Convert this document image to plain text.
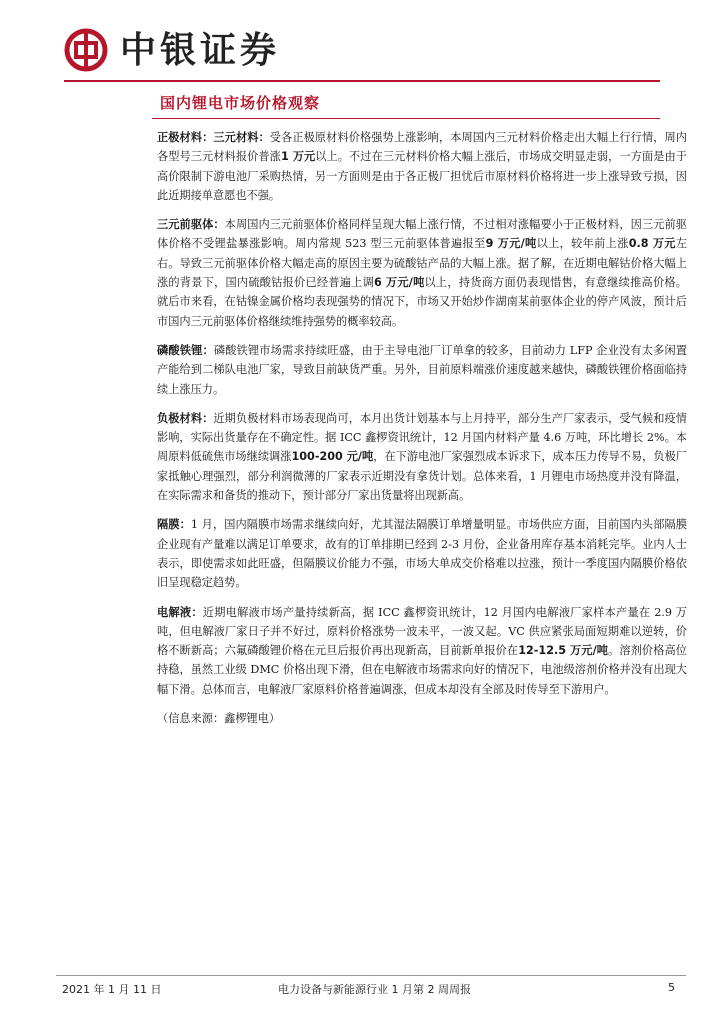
中银证券
国内锂电市场价格观察

正极材料：三元材料：受各正极原材料价格强势上涨影响，本周国内三元材料价格走出大幅上行行情，周内各型号三元材料报价普涨1 万元以上。不过在三元材料价格大幅上涨后，市场成交明显走弱，一方面是由于高价限制下游电池厂采购热情，另一方面则是由于各正极厂担忧后市原材料价格将进一步上涨导致亏损，因此近期接单意愿也不强。

三元前驱体：本周国内三元前驱体价格同样呈现大幅上涨行情，不过相对涨幅要小于正极材料，因三元前驱体价格不受锂盐暴涨影响。周内常规 523 型三元前驱体普遍报至9 万元/吨以上，较年前上涨0.8 万元左右。导致三元前驱体价格大幅走高的原因主要为硫酸钴产品的大幅上涨。据了解，在近期电解钴价格大幅上涨的背景下，国内硫酸钴报价已经普遍上调6 万元/吨以上，持货商方面仍表现惜售，有意继续推高价格。就后市来看，在钴镍金属价格均表现强势的情况下，市场又开始炒作湖南某前驱体企业的停产风波，预计后市国内三元前驱体价格继续维持强势的概率较高。

磷酸铁锂：磷酸铁锂市场需求持续旺盛，由于主导电池厂订单拿的较多，目前动力 LFP 企业没有太多闲置产能给到二梯队电池厂家，导致目前缺货严重。另外，目前原料端涨价速度越来越快，磷酸铁锂价格面临持续上涨压力。

负极材料：近期负极材料市场表现尚可，本月出货计划基本与上月持平，部分生产厂家表示，受气候和疫情影响，实际出货量存在不确定性。据 ICC 鑫椤资讯统计，12 月国内材料产量 4.6 万吨，环比增长 2%。本周原料低硫焦市场继续调涨100-200 元/吨，在下游电池厂家强烈成本诉求下，成本压力传导不易，负极厂家抵触心理强烈，部分利润微薄的厂家表示近期没有拿货计划。总体来看，1 月锂电市场热度并没有降温，在实际需求和备货的推动下，预计部分厂家出货量将出现新高。

隔膜：1 月，国内隔膜市场需求继续向好，尤其湿法隔膜订单增量明显。市场供应方面，目前国内头部隔膜企业现有产量难以满足订单要求，故有的订单排期已经到 2-3 月份，企业备用库存基本消耗完毕。业内人士表示，即使需求如此旺盛，但隔膜议价能力不强，市场大单成交价格难以拉涨，预计一季度国内隔膜价格依旧呈现稳定趋势。

电解液：近期电解液市场产量持续新高，据 ICC 鑫椤资讯统计，12 月国内电解液厂家样本产量在 2.9 万吨，但电解液厂家日子并不好过，原料价格涨势一波未平，一波又起。VC 供应紧张局面短期难以逆转，价格不断新高；六氟磷酸锂价格在元旦后报价再出现新高，目前新单报价在12-12.5 万元/吨。溶剂价格高位持稳，虽然工业级 DMC 价格出现下滑，但在电解液市场需求向好的情况下，电池级溶剂价格并没有出现大幅下滑。总体而言，电解液厂家原料价格普遍调涨，但成本却没有全部及时传导至下游用户。

（信息来源：鑫椤锂电）

2021 年 1 月 11 日	电力设备与新能源行业 1 月第 2 周周报	5
